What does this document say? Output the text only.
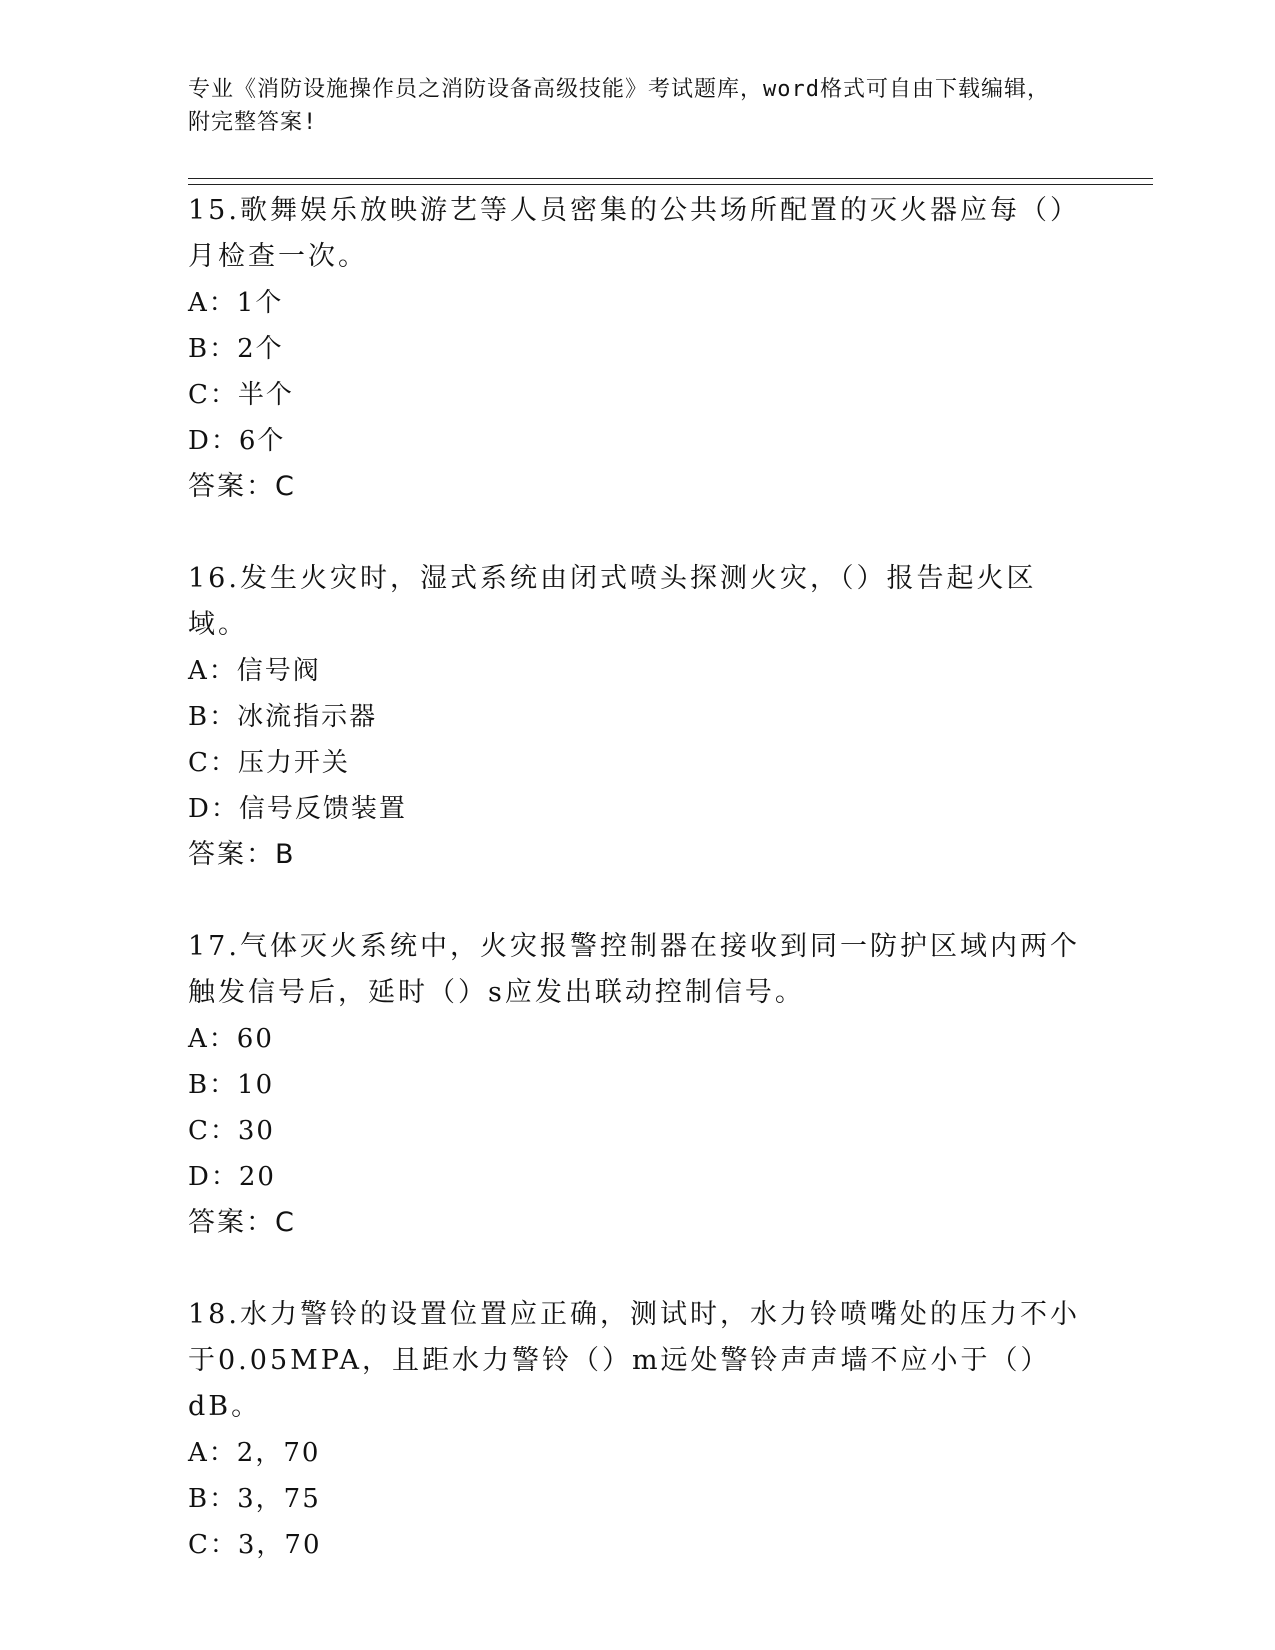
专业《消防设施操作员之消防设备高级技能》考试题库，word格式可自由下载编辑，附完整答案!

15.歌舞娱乐放映游艺等人员密集的公共场所配置的灭火器应每（）月检查一次。

A：1个

B：2个

C：半个

D：6个

答案：C

16.发生火灾时，湿式系统由闭式喷头探测火灾，（）报告起火区域。

A：信号阀

B：冰流指示器

C：压力开关

D：信号反馈装置

答案：B

17.气体灭火系统中，火灾报警控制器在接收到同一防护区域内两个触发信号后，延时（）s应发出联动控制信号。

A：60

B：10

C：30

D：20

答案：C

18.水力警铃的设置位置应正确，测试时，水力铃喷嘴处的压力不小于0.05MPA，且距水力警铃（）m远处警铃声声墙不应小于（）dB。

A：2，70

B：3，75

C：3，70
